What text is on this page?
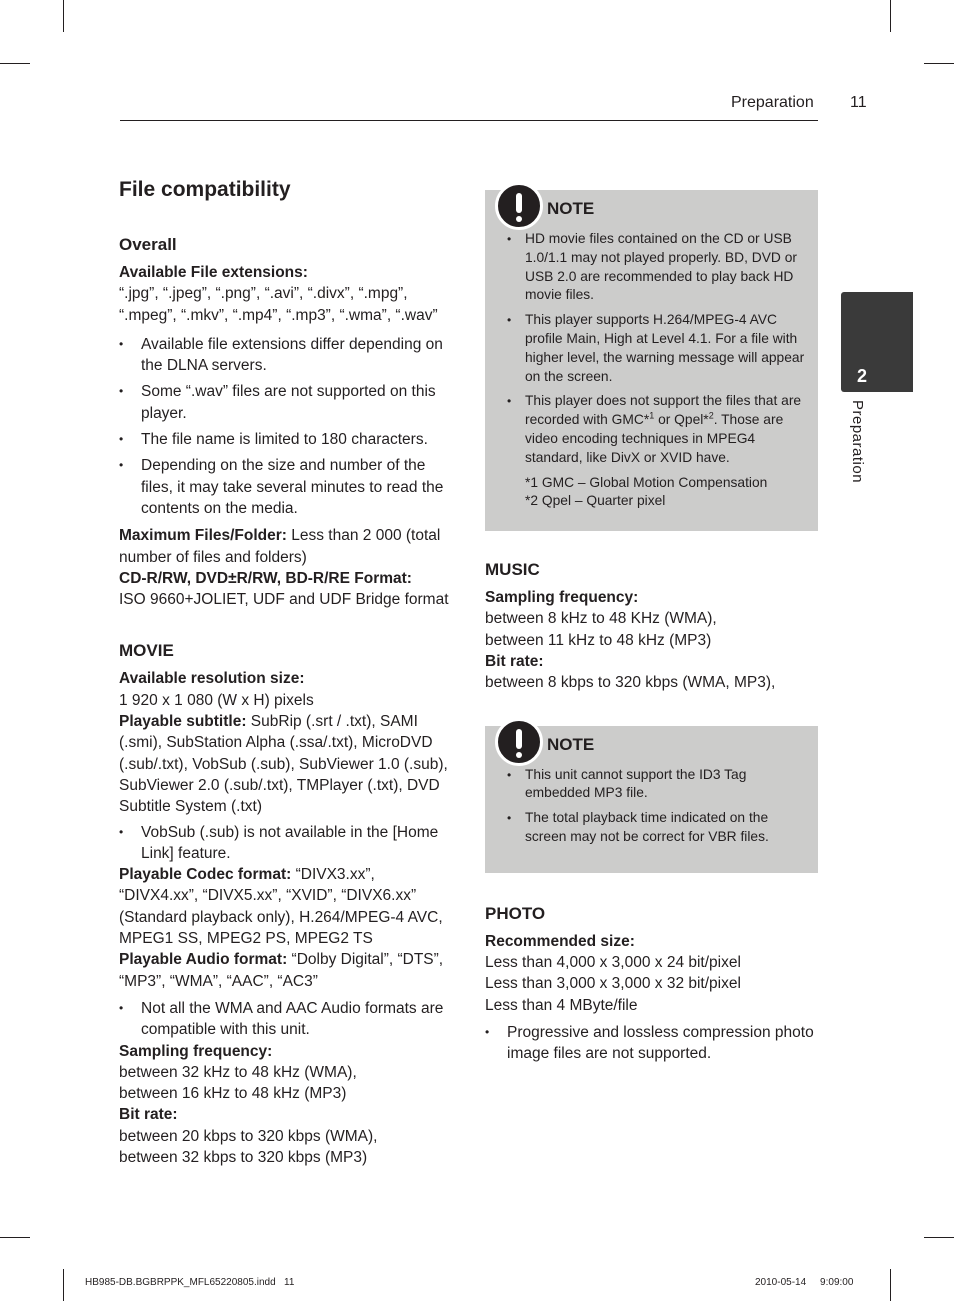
Preparation 11
2
Preparation
File compatibility
Overall

Available File extensions:

“.jpg”, “.jpeg”, “.png”, “.avi”, “.divx”, “.mpg”, “.mpeg”, “.mkv”, “.mp4”, “.mp3”, “.wma”, “.wav”

• Available file extensions differ depending on the DLNA servers.
• Some “.wav” files are not supported on this player.
• The file name is limited to 180 characters.
• Depending on the size and number of the files, it may take several minutes to read the contents on the media.

Maximum Files/Folder: Less than 2 000 (total number of files and folders)

CD-R/RW, DVD±R/RW, BD-R/RE Format:

ISO 9660+JOLIET, UDF and UDF Bridge format

MOVIE

Available resolution size:

1 920 x 1 080 (W x H) pixels

Playable subtitle: SubRip (.srt / .txt), SAMI (.smi), SubStation Alpha (.ssa/.txt), MicroDVD (.sub/.txt), VobSub (.sub), SubViewer 1.0 (.sub), SubViewer 2.0 (.sub/.txt), TMPlayer (.txt), DVD Subtitle System (.txt)

• VobSub (.sub) is not available in the [Home Link] feature.

Playable Codec format: “DIVX3.xx”, “DIVX4.xx”, “DIVX5.xx”, “XVID”, “DIVX6.xx” (Standard playback only), H.264/MPEG-4 AVC, MPEG1 SS, MPEG2 PS, MPEG2 TS

Playable Audio format: “Dolby Digital”, “DTS”, “MP3”, “WMA”, “AAC”, “AC3”

• Not all the WMA and AAC Audio formats are compatible with this unit.

Sampling frequency:

between 32 kHz to 48 kHz (WMA),

between 16 kHz to 48 kHz (MP3)

Bit rate:

between 20 kbps to 320 kbps (WMA),

between 32 kbps to 320 kbps (MP3)

NOTE
• HD movie files contained on the CD or USB 1.0/1.1 may not played properly. BD, DVD or USB 2.0 are recommended to play back HD movie files.
• This player supports H.264/MPEG-4 AVC profile Main, High at Level 4.1. For a file with higher level, the warning message will appear on the screen.
• This player does not support the files that are recorded with GMC*$^1$ or Qpel*$^2$. Those are video encoding techniques in MPEG4 standard, like DivX or XVID have.

*1 GMC – Global Motion Compensation

*2 Qpel – Quarter pixel

MUSIC

Sampling frequency:

between 8 kHz to 48 KHz (WMA),

between 11 kHz to 48 kHz (MP3)

Bit rate:

between 8 kbps to 320 kbps (WMA, MP3),

NOTE
• This unit cannot support the ID3 Tag embedded MP3 file.
• The total playback time indicated on the screen may not be correct for VBR files.
PHOTO

Recommended size:

Less than 4,000 x 3,000 x 24 bit/pixel

Less than 3,000 x 3,000 x 32 bit/pixel

Less than 4 MByte/file

• Progressive and lossless compression photo image files are not supported.
HB985-DB.BGBRPPK_MFL65220805.indd   11	2010-05-14     9:09:00
